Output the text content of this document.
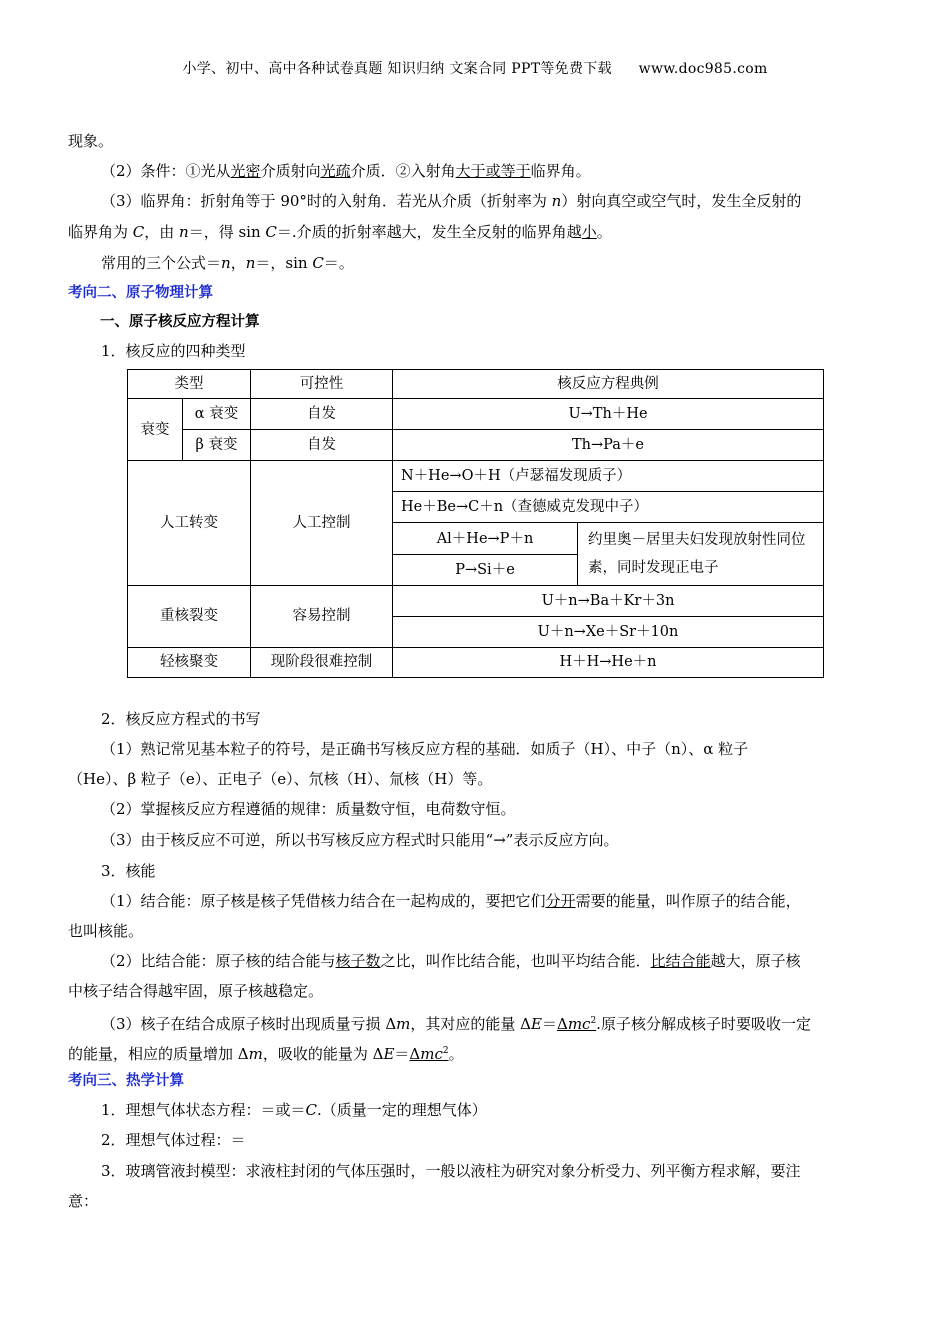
小学、初中、高中各种试卷真题 知识归纳 文案合同 PPT等免费下载 www.doc985.com
现象。
（2）条件：①光从光密介质射向光疏介质．②入射角大于或等于临界角。
（3）临界角：折射角等于 90°时的入射角．若光从介质（折射率为 n）射向真空或空气时，发生全反射的
临界角为 C，由 n＝，得 sin C＝.介质的折射率越大，发生全反射的临界角越小。
常用的三个公式＝n，n＝，sin C＝。
考向二、原子物理计算
一、原子核反应方程计算
1．核反应的四种类型
类型		可控性	核反应方程典例	
衰变	α 衰变	自发	U→Th＋He	
	β 衰变	自发	Th→Pa＋e	
人工转变		人工控制	N＋He→O＋H（卢瑟福发现质子）	
			He＋Be→C＋n（查德威克发现中子）	
			Al＋He→P＋n	约里奥－居里夫妇发现放射性同位素，同时发现正电子
			P→Si＋e	
重核裂变		容易控制	U＋n→Ba＋Kr＋3n	
			U＋n→Xe＋Sr＋10n	
轻核聚变		现阶段很难控制	H＋H→He＋n	
2．核反应方程式的书写
（1）熟记常见基本粒子的符号，是正确书写核反应方程的基础．如质子（H）、中子（n）、α 粒子
（He）、β 粒子（e）、正电子（e）、氘核（H）、氚核（H）等。
（2）掌握核反应方程遵循的规律：质量数守恒，电荷数守恒。
（3）由于核反应不可逆，所以书写核反应方程式时只能用“→”表示反应方向。
3．核能
（1）结合能：原子核是核子凭借核力结合在一起构成的，要把它们分开需要的能量，叫作原子的结合能，
也叫核能。
（2）比结合能：原子核的结合能与核子数之比，叫作比结合能，也叫平均结合能．比结合能越大，原子核
中核子结合得越牢固，原子核越稳定。
（3）核子在结合成原子核时出现质量亏损 Δm，其对应的能量 ΔE＝Δmc$^2$.原子核分解成核子时要吸收一定
的能量，相应的质量增加 Δm，吸收的能量为 ΔE＝Δmc$^2$。
考向三、热学计算
1．理想气体状态方程：＝或＝C.（质量一定的理想气体）
2．理想气体过程：＝
3．玻璃管液封模型：求液柱封闭的气体压强时，一般以液柱为研究对象分析受力、列平衡方程求解，要注
意：
